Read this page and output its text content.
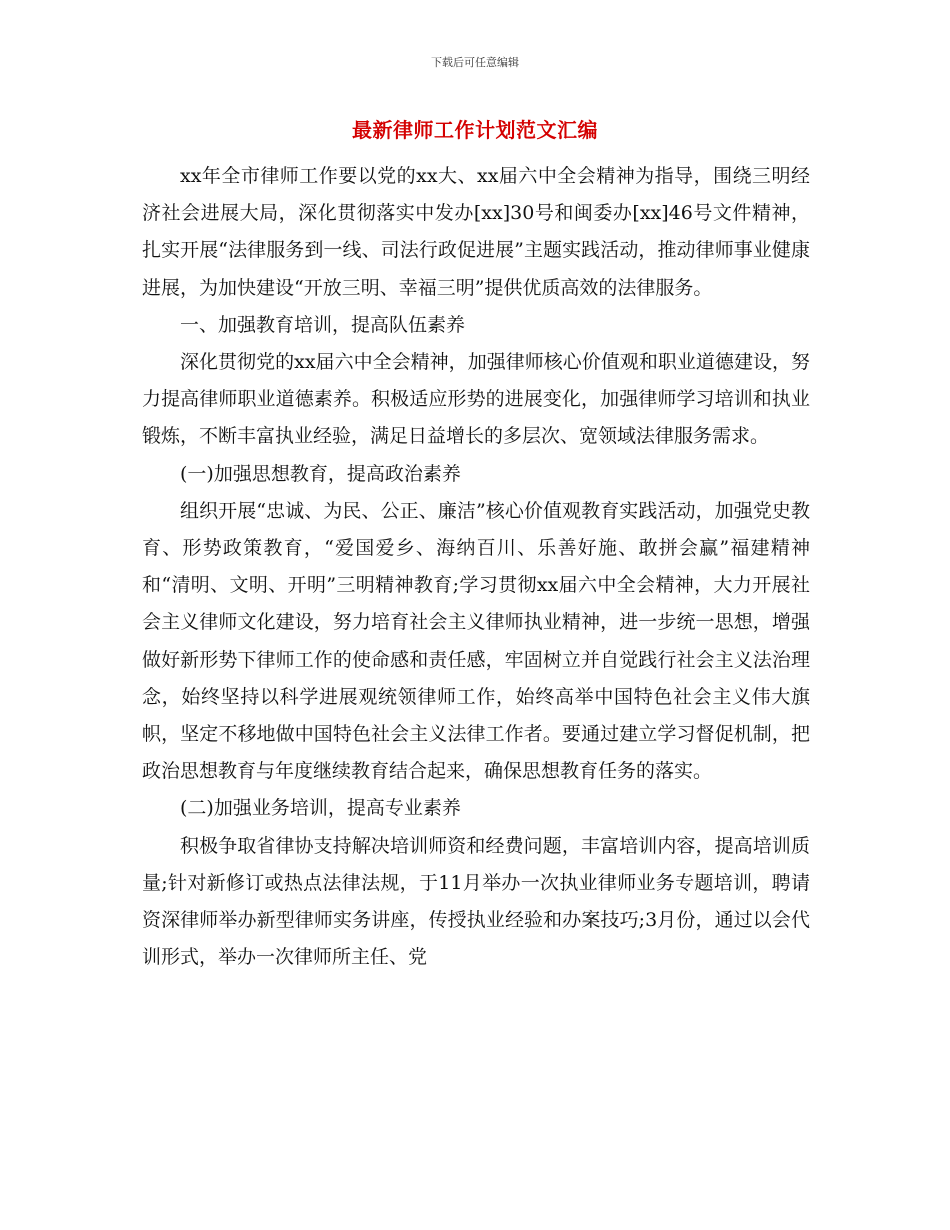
下载后可任意编辑
最新律师工作计划范文汇编

xx年全市律师工作要以党的xx大、xx届六中全会精神为指导，围绕三明经济社会进展大局，深化贯彻落实中发办[xx]30号和闽委办[xx]46号文件精神，扎实开展“法律服务到一线、司法行政促进展”主题实践活动，推动律师事业健康进展，为加快建设“开放三明、幸福三明”提供优质高效的法律服务。

一、加强教育培训，提高队伍素养

深化贯彻党的xx届六中全会精神，加强律师核心价值观和职业道德建设，努力提高律师职业道德素养。积极适应形势的进展变化，加强律师学习培训和执业锻炼，不断丰富执业经验，满足日益增长的多层次、宽领域法律服务需求。

(一)加强思想教育，提高政治素养

组织开展“忠诚、为民、公正、廉洁”核心价值观教育实践活动，加强党史教育、形势政策教育，“爱国爱乡、海纳百川、乐善好施、敢拼会赢”福建精神和“清明、文明、开明”三明精神教育;学习贯彻xx届六中全会精神，大力开展社会主义律师文化建设，努力培育社会主义律师执业精神，进一步统一思想，增强做好新形势下律师工作的使命感和责任感，牢固树立并自觉践行社会主义法治理念，始终坚持以科学进展观统领律师工作，始终高举中国特色社会主义伟大旗帜，坚定不移地做中国特色社会主义法律工作者。要通过建立学习督促机制，把政治思想教育与年度继续教育结合起来，确保思想教育任务的落实。

(二)加强业务培训，提高专业素养

积极争取省律协支持解决培训师资和经费问题，丰富培训内容，提高培训质量;针对新修订或热点法律法规，于11月举办一次执业律师业务专题培训，聘请资深律师举办新型律师实务讲座，传授执业经验和办案技巧;3月份，通过以会代训形式，举办一次律师所主任、党
